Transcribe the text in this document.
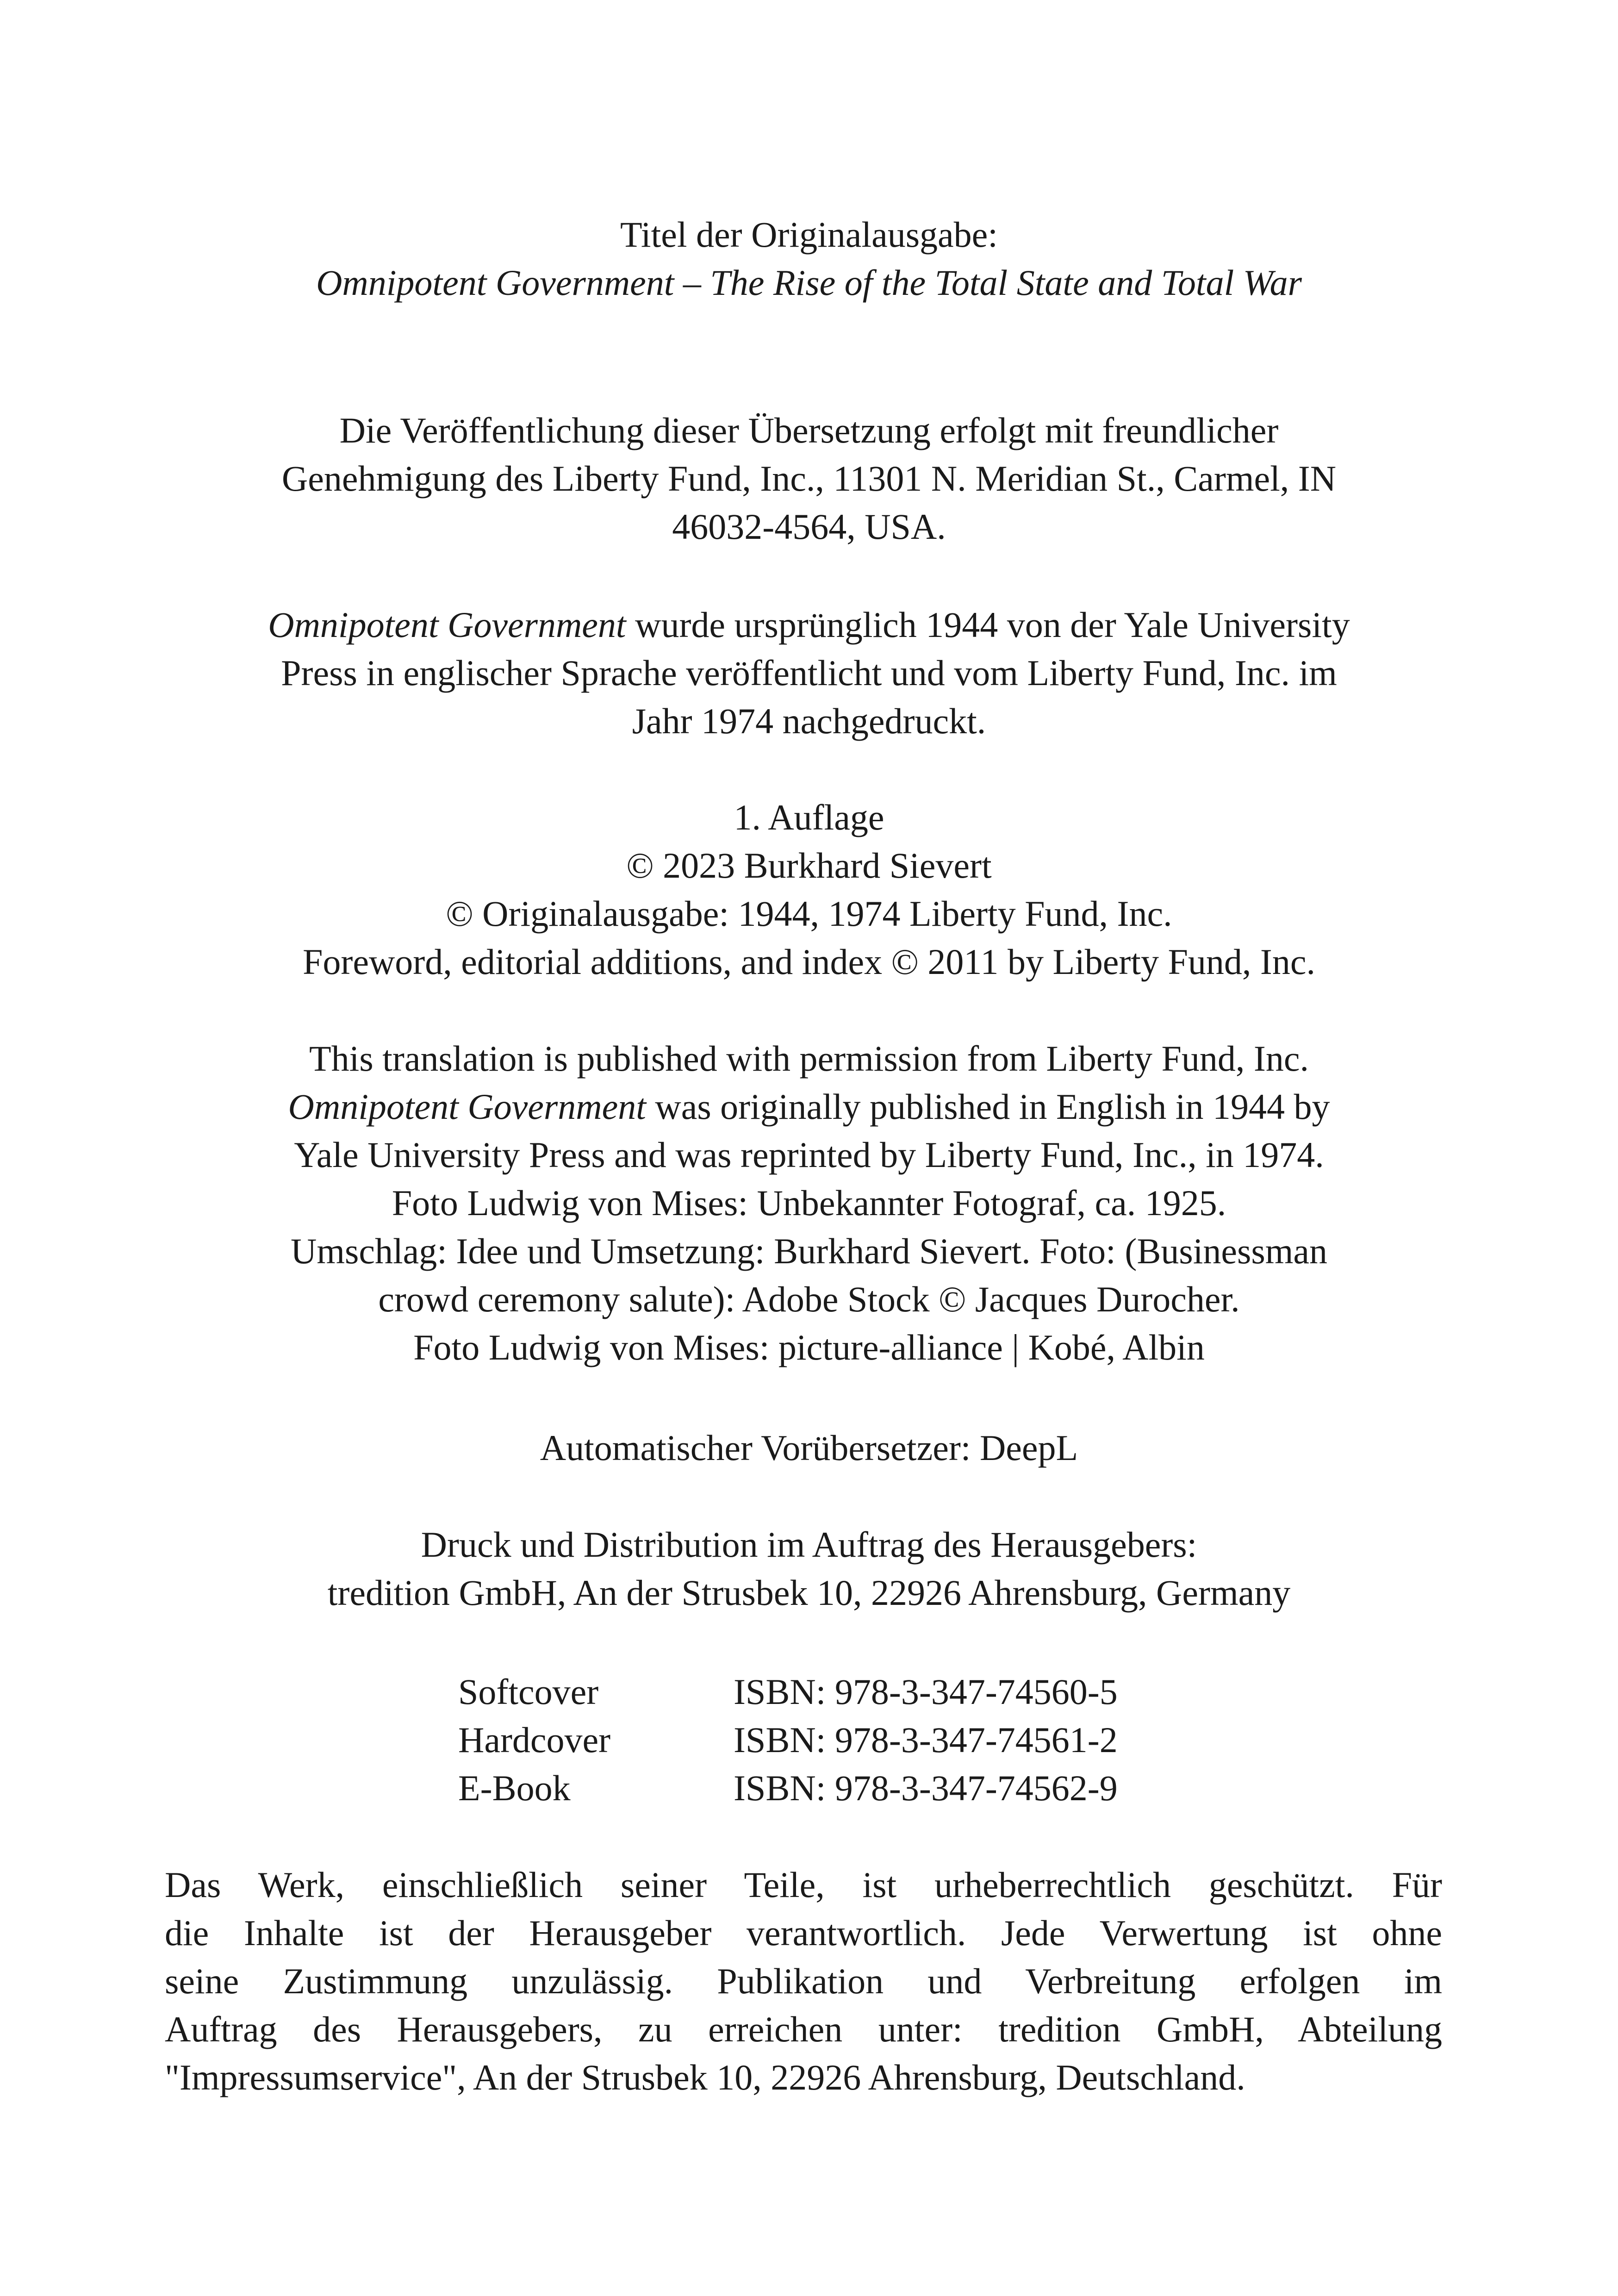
Titel der Originalausgabe:
Omnipotent Government – The Rise of the Total State and Total War
Die Veröffentlichung dieser Übersetzung erfolgt mit freundlicher
Genehmigung des Liberty Fund, Inc., 11301 N. Meridian St., Carmel, IN
46032-4564, USA.
Omnipotent Government wurde ursprünglich 1944 von der Yale University
Press in englischer Sprache veröffentlicht und vom Liberty Fund, Inc. im
Jahr 1974 nachgedruckt.
1. Auflage
© 2023 Burkhard Sievert
© Originalausgabe: 1944, 1974 Liberty Fund, Inc.
Foreword, editorial additions, and index © 2011 by Liberty Fund, Inc.
This translation is published with permission from Liberty Fund, Inc.
Omnipotent Government was originally published in English in 1944 by
Yale University Press and was reprinted by Liberty Fund, Inc., in 1974.
Foto Ludwig von Mises: Unbekannter Fotograf, ca. 1925.
Umschlag: Idee und Umsetzung: Burkhard Sievert. Foto: (Businessman
crowd ceremony salute): Adobe Stock © Jacques Durocher.
Foto Ludwig von Mises: picture-alliance | Kobé, Albin
Automatischer Vorübersetzer: DeepL
Druck und Distribution im Auftrag des Herausgebers:
tredition GmbH, An der Strusbek 10, 22926 Ahrensburg, Germany
Softcover	ISBN: 978-3-347-74560-5
Hardcover	ISBN: 978-3-347-74561-2
E-Book	ISBN: 978-3-347-74562-9
Das Werk, einschließlich seiner Teile, ist urheberrechtlich geschützt. Für
die Inhalte ist der Herausgeber verantwortlich. Jede Verwertung ist ohne
seine Zustimmung unzulässig. Publikation und Verbreitung erfolgen im
Auftrag des Herausgebers, zu erreichen unter: tredition GmbH, Abteilung
"Impressumservice", An der Strusbek 10, 22926 Ahrensburg, Deutschland.
